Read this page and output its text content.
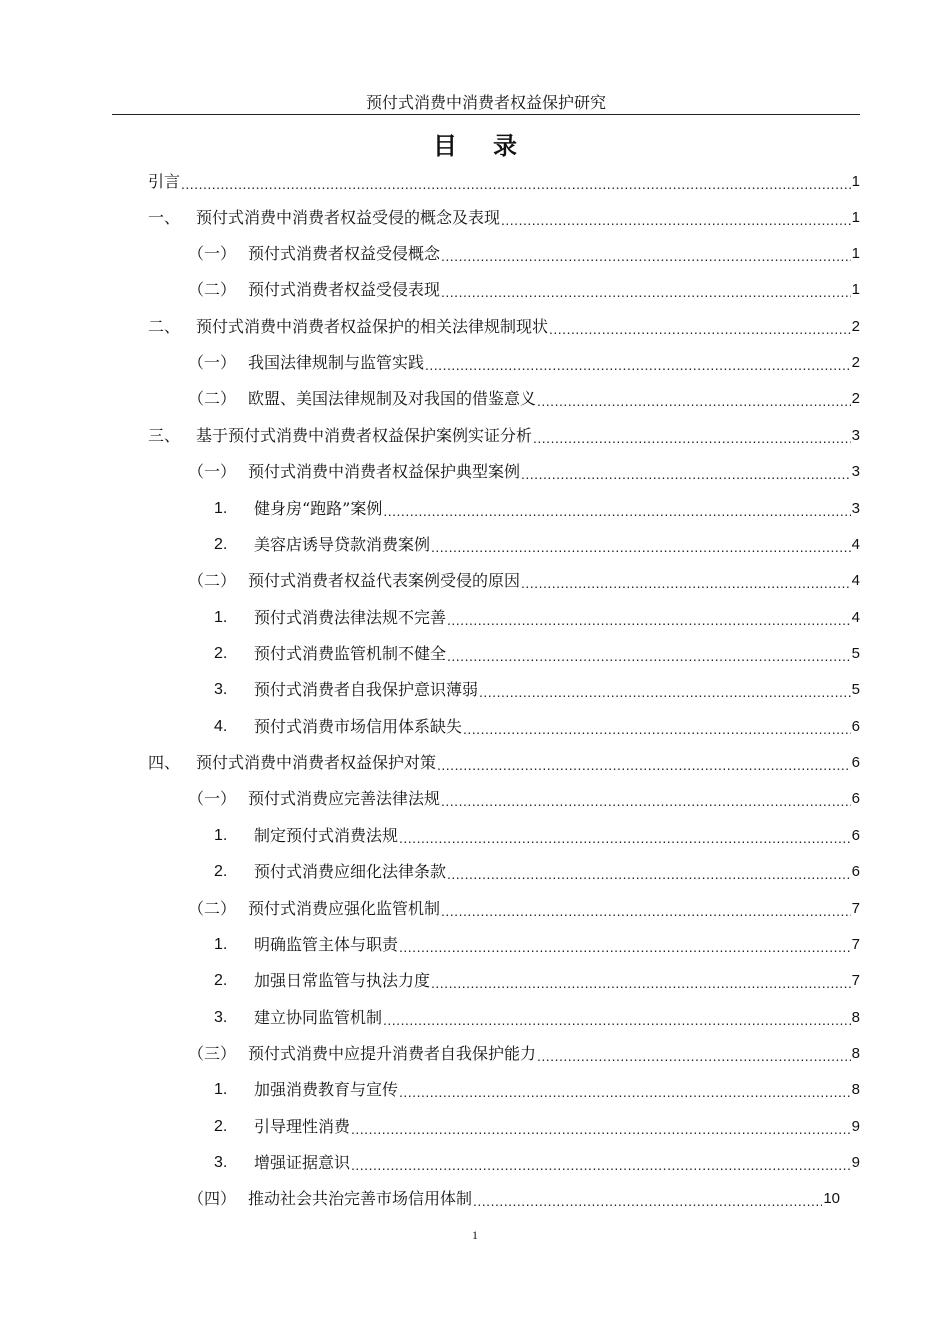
预付式消费中消费者权益保护研究
目 录
引言 .....	1
一、 预付式消费中消费者权益受侵的概念及表现 .....	1
（一） 预付式消费者权益受侵概念 .....	1
（二） 预付式消费者权益受侵表现 .....	1
二、 预付式消费中消费者权益保护的相关法律规制现状 .....	2
（一） 我国法律规制与监管实践 .....	2
（二） 欧盟、美国法律规制及对我国的借鉴意义 .....	2
三、 基于预付式消费中消费者权益保护案例实证分析 .....	3
（一） 预付式消费中消费者权益保护典型案例 .....	3
1.	健身房“跑路”案例 .....	3
2.	美容店诱导贷款消费案例 .....	4
（二） 预付式消费者权益代表案例受侵的原因 .....	4
1.	预付式消费法律法规不完善 .....	4
2.	预付式消费监管机制不健全 .....	5
3.	预付式消费者自我保护意识薄弱 .....	5
4.	预付式消费市场信用体系缺失 .....	6
四、 预付式消费中消费者权益保护对策 .....	6
（一） 预付式消费应完善法律法规 .....	6
1.	制定预付式消费法规 .....	6
2.	预付式消费应细化法律条款 .....	6
（二） 预付式消费应强化监管机制 .....	7
1.	明确监管主体与职责 .....	7
2.	加强日常监管与执法力度 .....	7
3.	建立协同监管机制 .....	8
（三） 预付式消费中应提升消费者自我保护能力 .....	8
1.	加强消费教育与宣传 .....	8
2.	引导理性消费 .....	9
3.	增强证据意识 .....	9
（四） 推动社会共治完善市场信用体制 .....	10
1
